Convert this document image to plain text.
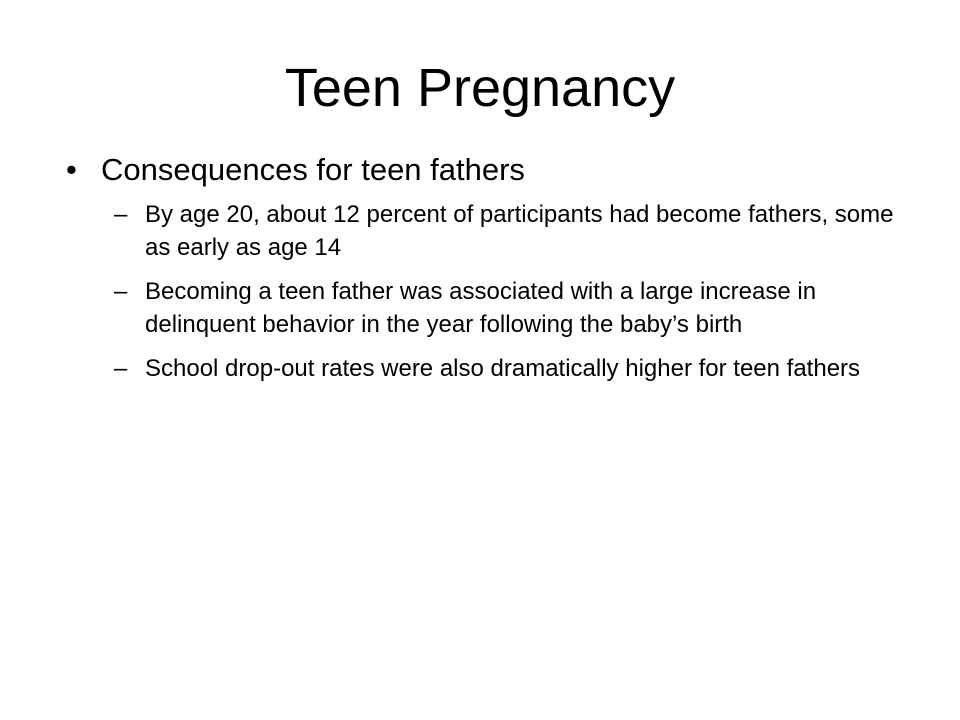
Teen Pregnancy
• Consequences for teen fathers
– By age 20, about 12 percent of participants had become fathers, some as early as age 14
– Becoming a teen father was associated with a large increase in delinquent behavior in the year following the baby’s birth
– School drop-out rates were also dramatically higher for teen fathers
